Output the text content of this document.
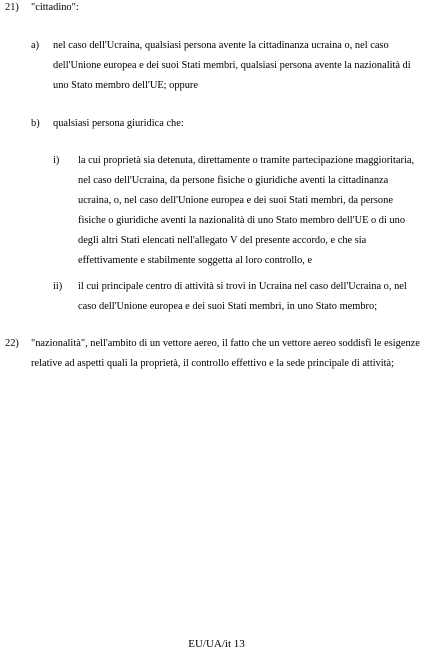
21) "cittadino":
a) nel caso dell'Ucraina, qualsiasi persona avente la cittadinanza ucraina o, nel caso
dell'Unione europea e dei suoi Stati membri, qualsiasi persona avente la nazionalità di
uno Stato membro dell'UE; oppure
b) qualsiasi persona giuridica che:
i) la cui proprietà sia detenuta, direttamente o tramite partecipazione maggioritaria,
nel caso dell'Ucraina, da persone fisiche o giuridiche aventi la cittadinanza
ucraina, o, nel caso dell'Unione europea e dei suoi Stati membri, da persone
fisiche o giuridiche aventi la nazionalità di uno Stato membro dell'UE o di uno
degli altri Stati elencati nell'allegato V del presente accordo, e che sia
effettivamente e stabilmente soggetta al loro controllo, e
ii) il cui principale centro di attività si trovi in Ucraina nel caso dell'Ucraina o, nel
caso dell'Unione europea e dei suoi Stati membri, in uno Stato membro;
22) "nazionalità", nell'ambito di un vettore aereo, il fatto che un vettore aereo soddisfi le esigenze
relative ad aspetti quali la proprietà, il controllo effettivo e la sede principale di attività;
EU/UA/it 13
